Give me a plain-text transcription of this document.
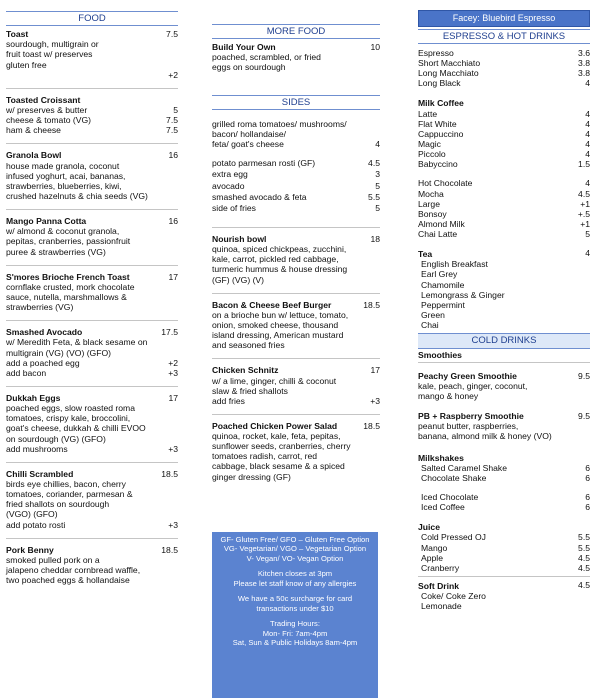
FOOD
Toast	7.5
sourdough, multigrain or
fruit toast w/ preserves
gluten free
+2
Toasted Croissant
w/ preserves & butter	5
cheese & tomato (VG)	7.5
ham & cheese	7.5
Granola Bowl	16
house made granola, coconut
infused yoghurt, acai, bananas,
strawberries, blueberries, kiwi,
crushed hazelnuts & chia seeds (VG)
Mango Panna Cotta	16
w/ almond & coconut granola,
pepitas, cranberries, passionfruit
puree & strawberries (VG)
S'mores Brioche French Toast	17
cornflake crusted, mork chocolate
sauce, nutella, marshmallows &
strawberries (VG)
Smashed Avocado	17.5
w/ Meredith Feta, & black sesame on
multigrain (VG) (VO) (GFO)
add a poached egg	+2
add bacon	+3
Dukkah Eggs	17
poached eggs, slow roasted roma
tomatoes, crispy kale, broccolini,
goat's cheese, dukkah & chilli EVOO
on sourdough (VG) (GFO)
add mushrooms	+3
Chilli Scrambled	18.5
birds eye chillies, bacon, cherry
tomatoes, coriander, parmesan &
fried shallots on sourdough
(VGO) (GFO)
add potato rosti	+3
Pork Benny	18.5
smoked pulled pork on a
jalapeno cheddar cornbread waffle,
two poached eggs & hollandaise
MORE FOOD
Build Your Own	10
poached, scrambled, or fried
eggs on sourdough
SIDES
grilled roma tomatoes/ mushrooms/
bacon/ hollandaise/
feta/ goat's cheese	4
potato parmesan rosti (GF)	4.5
extra egg	3
avocado	5
smashed avocado & feta	5.5
side of fries	5
Nourish bowl	18
quinoa, spiced chickpeas, zucchini,
kale, carrot, pickled red cabbage,
turmeric hummus & house dressing
(GF) (VG) (V)
Bacon & Cheese Beef Burger	18.5
on a brioche bun w/ lettuce, tomato,
onion, smoked cheese, thousand
island dressing, American mustard
and seasoned fries
Chicken Schnitz	17
w/ a lime, ginger, chilli & coconut
slaw & fried shallots
add fries	+3
Poached Chicken Power Salad	18.5
quinoa, rocket, kale, feta, pepitas,
sunflower seeds, cranberries, cherry
tomatoes radish, carrot, red
cabbage, black sesame & a spiced
ginger dressing (GF)
GF- Gluten Free/ GFO – Gluten Free Option
VG- Vegetarian/ VGO – Vegetarian Option
V- Vegan/ VO- Vegan Option
Kitchen closes at 3pm
Please let staff know of any allergies
We have a 50c surcharge for card
transactions under $10
Trading Hours:
Mon- Fri: 7am-4pm
Sat, Sun & Public Holidays 8am-4pm
Facey: Bluebird Espresso
ESPRESSO & HOT DRINKS
Espresso	3.6
Short Macchiato	3.8
Long Macchiato	3.8
Long Black	4
Milk Coffee
Latte	4
Flat White	4
Cappuccino	4
Magic	4
Piccolo	4
Babyccino	1.5
Hot Chocolate	4
Mocha	4.5
Large	+1
Bonsoy	+.5
Almond Milk	+1
Chai Latte	5
Tea	4
English Breakfast
Earl Grey
Chamomile
Lemongrass & Ginger
Peppermint
Green
Chai
COLD DRINKS
Smoothies
Peachy Green Smoothie	9.5
kale, peach, ginger, coconut,
mango & honey
PB + Raspberry Smoothie	9.5
peanut butter, raspberries,
banana, almond milk & honey (VO)
Milkshakes
Salted Caramel Shake	6
Chocolate Shake	6
Iced Chocolate	6
Iced Coffee	6
Juice
Cold Pressed OJ	5.5
Mango	5.5
Apple	4.5
Cranberry	4.5
Soft Drink	4.5
Coke/ Coke Zero
Lemonade
